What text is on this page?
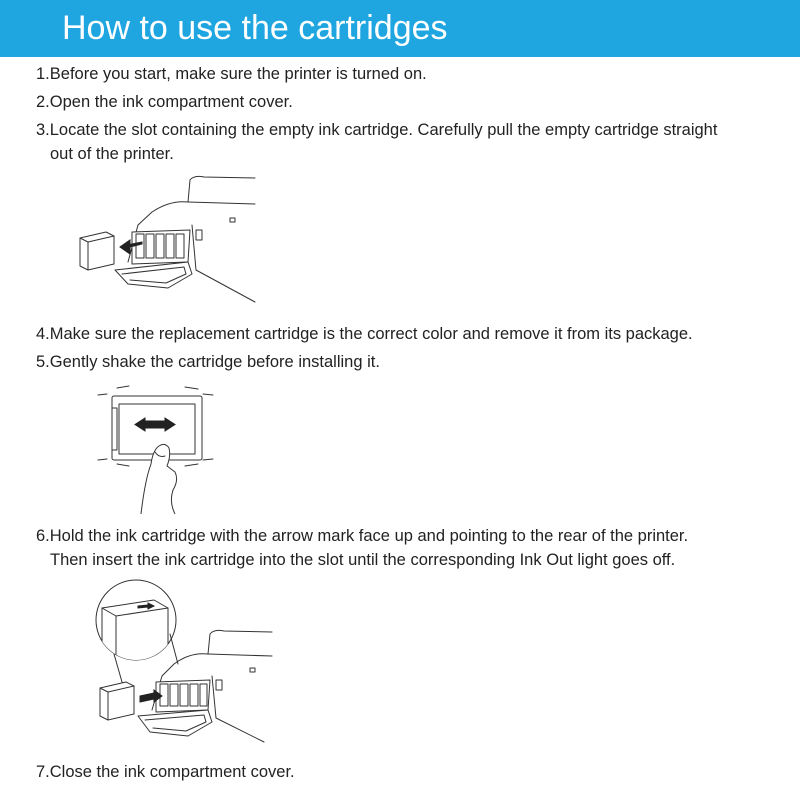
How to use the cartridges
1.Before you start, make sure the printer is turned on.
2.Open the ink compartment cover.
3.Locate the slot containing the empty ink cartridge. Carefully pull the empty cartridge straight
out of the printer.
4.Make sure the replacement cartridge is the correct color and remove it from its package.
5.Gently shake the cartridge before installing it.
6.Hold the ink cartridge with the arrow mark face up and pointing to the rear of the printer.
Then insert the ink cartridge into the slot until the corresponding Ink Out light goes off.
7.Close the ink compartment cover.
